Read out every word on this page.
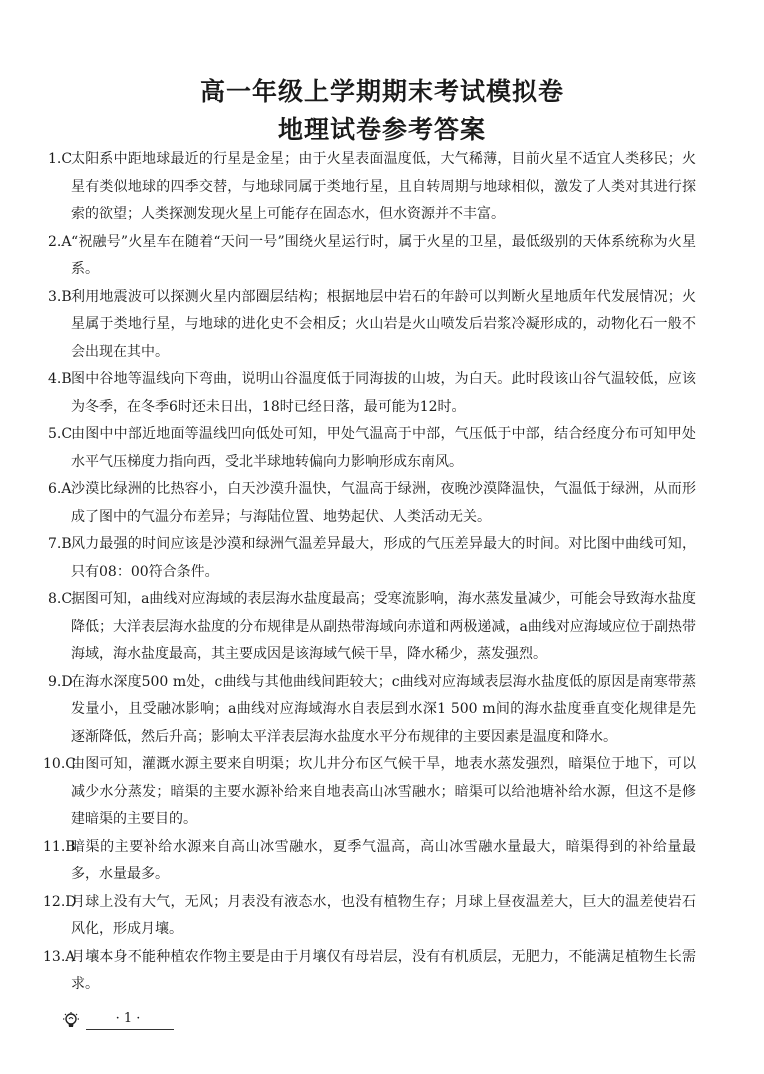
高一年级上学期期末考试模拟卷
地理试卷参考答案
1.C
太阳系中距地球最近的行星是金星；由于火星表面温度低，大气稀薄，目前火星不适宜人类移民；火星有类似地球的四季交替，与地球同属于类地行星，且自转周期与地球相似，激发了人类对其进行探索的欲望；人类探测发现火星上可能存在固态水，但水资源并不丰富。
2.A “祝融号”火星车在随着“天问一号”围绕火星运行时，属于火星的卫星，最低级别的天体系统称为火星系。
3.B 利用地震波可以探测火星内部圈层结构；根据地层中岩石的年龄可以判断火星地质年代发展情况；火星属于类地行星，与地球的进化史不会相反；火山岩是火山喷发后岩浆冷凝形成的，动物化石一般不会出现在其中。
4.B 图中谷地等温线向下弯曲，说明山谷温度低于同海拔的山坡，为白天。此时段该山谷气温较低，应该为冬季，在冬季6时还未日出，18时已经日落，最可能为12时。
5.C
由图中中部近地面等温线凹向低处可知，甲处气温高于中部，气压低于中部，结合经度分布可知甲处水平气压梯度力指向西，受北半球地转偏向力影响形成东南风。
6.A 沙漠比绿洲的比热容小，白天沙漠升温快，气温高于绿洲，夜晚沙漠降温快，气温低于绿洲，从而形成了图中的气温分布差异；与海陆位置、地势起伏、人类活动无关。
7.B 风力最强的时间应该是沙漠和绿洲气温差异最大，形成的气压差异最大的时间。对比图中曲线可知，只有08：00符合条件。
8.C
据图可知，a曲线对应海域的表层海水盐度最高；受寒流影响，海水蒸发量减少，可能会导致海水盐度降低；大洋表层海水盐度的分布规律是从副热带海域向赤道和两极递减，a曲线对应海域应位于副热带海域，海水盐度最高，其主要成因是该海域气候干旱，降水稀少，蒸发强烈。
9.D
在海水深度500 m处，c曲线与其他曲线间距较大；c曲线对应海域表层海水盐度低的原因是南寒带蒸发量小，且受融冰影响；a曲线对应海域海水自表层到水深1 500 m间的海水盐度垂直变化规律是先逐渐降低，然后升高；影响太平洋表层海水盐度水平分布规律的主要因素是温度和降水。
10.C
由图可知，灌溉水源主要来自明渠；坎儿井分布区气候干旱，地表水蒸发强烈，暗渠位于地下，可以减少水分蒸发；暗渠的主要水源补给来自地表高山冰雪融水；暗渠可以给池塘补给水源，但这不是修建暗渠的主要目的。
11.B
暗渠的主要补给水源来自高山冰雪融水，夏季气温高，高山冰雪融水量最大，暗渠得到的补给量最多，水量最多。
12.D
月球上没有大气，无风；月表没有液态水，也没有植物生存；月球上昼夜温差大，巨大的温差使岩石风化，形成月壤。
13.A
月壤本身不能种植农作物主要是由于月壤仅有母岩层，没有有机质层，无肥力，不能满足植物生长需求。
· 1 ·
